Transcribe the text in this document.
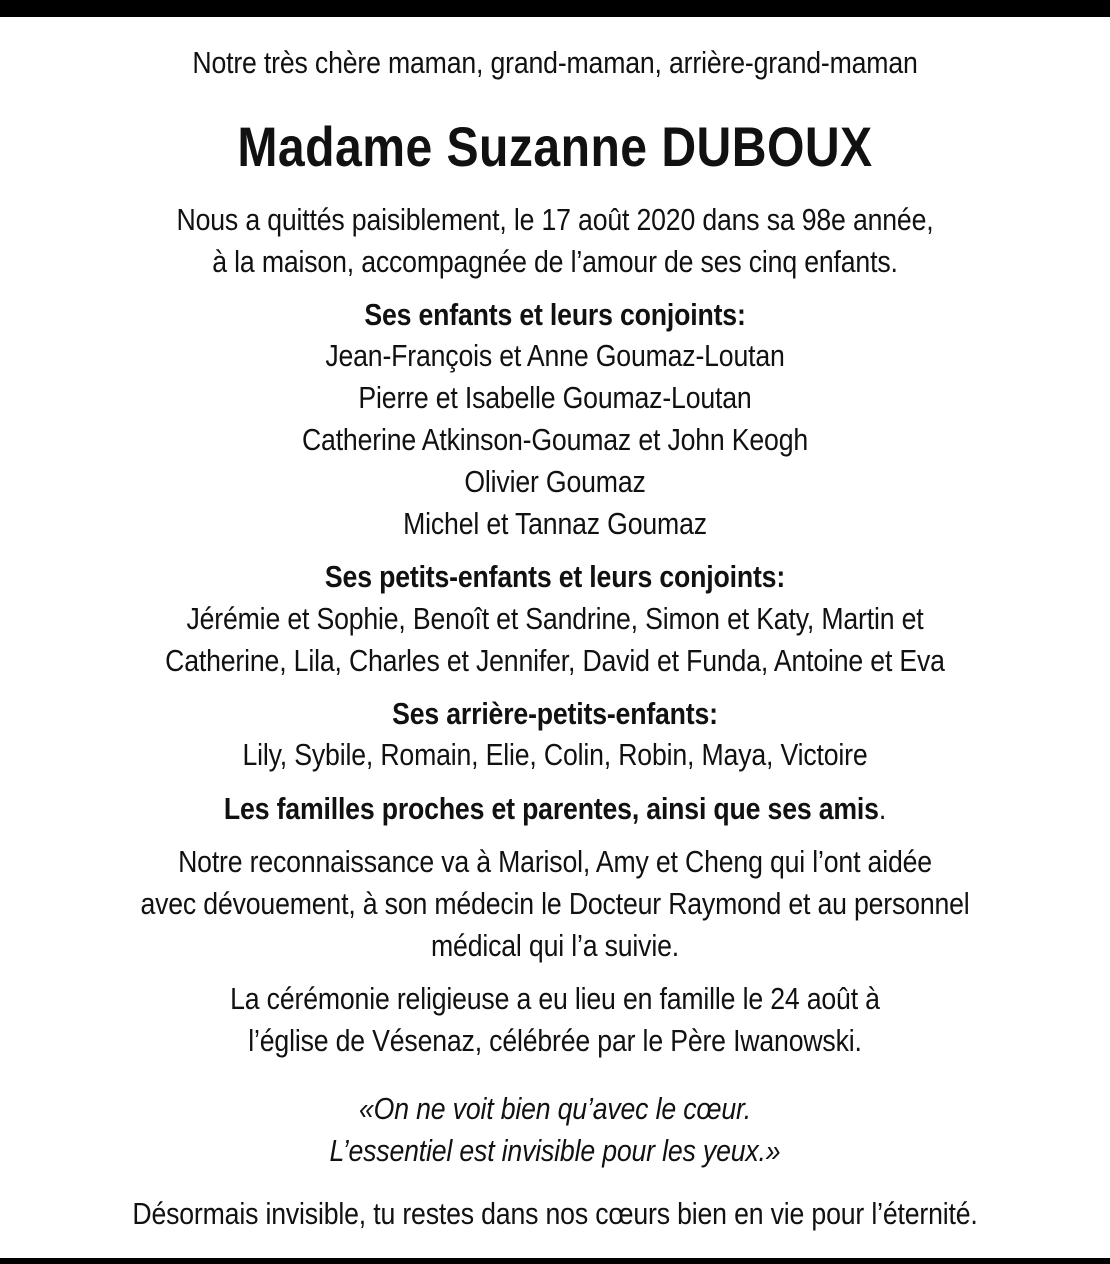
Notre très chère maman, grand-maman, arrière-grand-maman
Madame Suzanne DUBOUX
Nous a quittés paisiblement, le 17 août 2020 dans sa 98e année,
à la maison, accompagnée de l’amour de ses cinq enfants.
Ses enfants et leurs conjoints:
Jean-François et Anne Goumaz-Loutan
Pierre et Isabelle Goumaz-Loutan
Catherine Atkinson-Goumaz et John Keogh
Olivier Goumaz
Michel et Tannaz Goumaz
Ses petits-enfants et leurs conjoints:
Jérémie et Sophie, Benoît et Sandrine, Simon et Katy, Martin et
Catherine, Lila, Charles et Jennifer, David et Funda, Antoine et Eva
Ses arrière-petits-enfants:
Lily, Sybile, Romain, Elie, Colin, Robin, Maya, Victoire
Les familles proches et parentes, ainsi que ses amis.
Notre reconnaissance va à Marisol, Amy et Cheng qui l’ont aidée
avec dévouement, à son médecin le Docteur Raymond et au personnel
médical qui l’a suivie.
La cérémonie religieuse a eu lieu en famille le 24 août à
l’église de Vésenaz, célébrée par le Père Iwanowski.
«On ne voit bien qu’avec le cœur.
L’essentiel est invisible pour les yeux.»
Désormais invisible, tu restes dans nos cœurs bien en vie pour l’éternité.
